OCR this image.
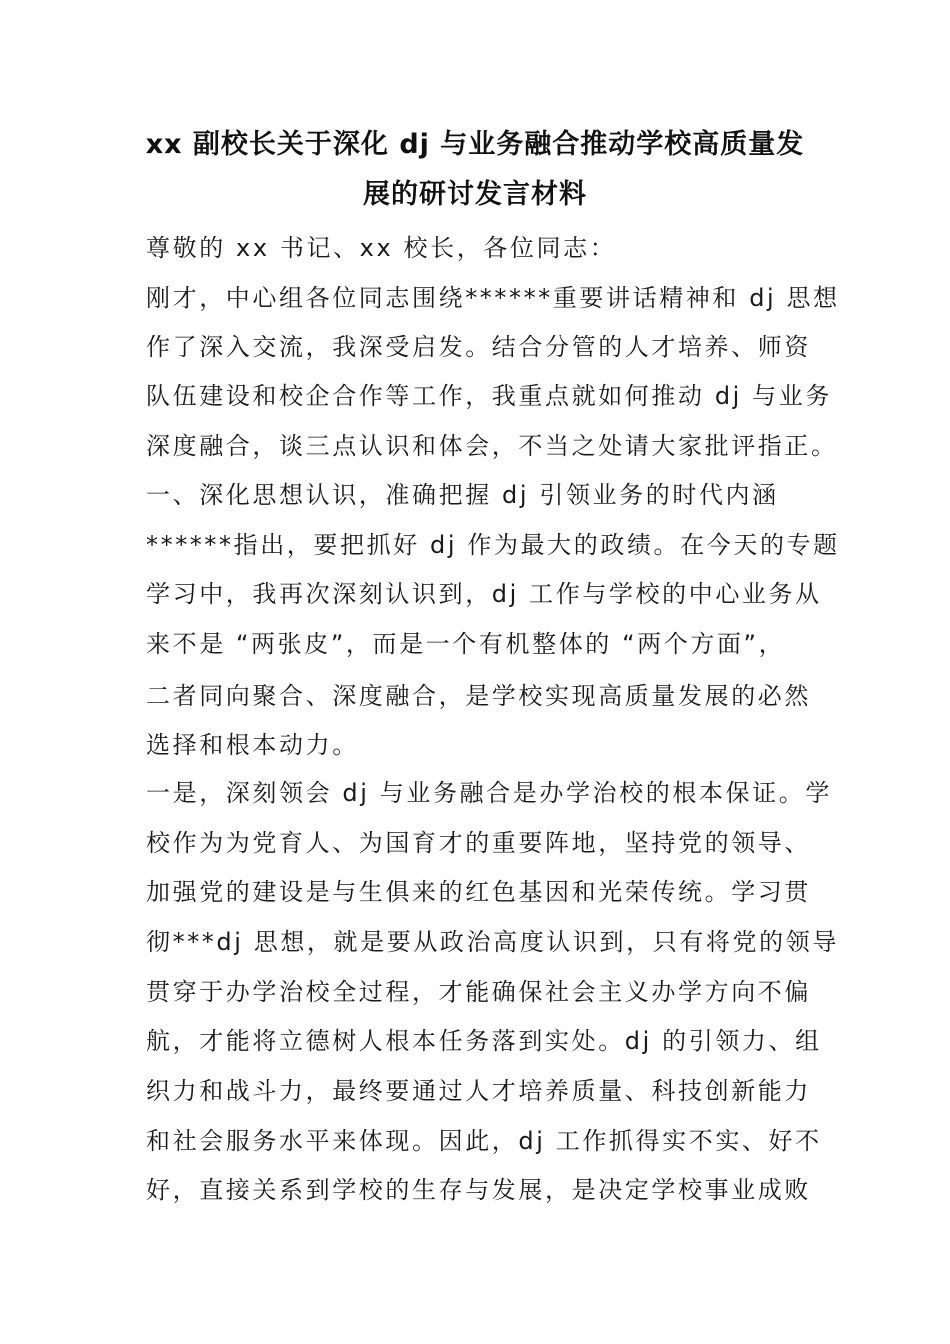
xx 副校长关于深化 dj 与业务融合推动学校高质量发
展的研讨发言材料
尊敬的 xx 书记、xx 校长，各位同志：
刚才，中心组各位同志围绕******重要讲话精神和 dj 思想
作了深入交流，我深受启发。结合分管的人才培养、师资
队伍建设和校企合作等工作，我重点就如何推动 dj 与业务
深度融合，谈三点认识和体会，不当之处请大家批评指正。
一、深化思想认识，准确把握 dj 引领业务的时代内涵
******指出，要把抓好 dj 作为最大的政绩。在今天的专题
学习中，我再次深刻认识到，dj 工作与学校的中心业务从
来不是 “两张皮”，而是一个有机整体的 “两个方面”，
二者同向聚合、深度融合，是学校实现高质量发展的必然
选择和根本动力。
一是，深刻领会 dj 与业务融合是办学治校的根本保证。学
校作为为党育人、为国育才的重要阵地，坚持党的领导、
加强党的建设是与生俱来的红色基因和光荣传统。学习贯
彻***dj 思想，就是要从政治高度认识到，只有将党的领导
贯穿于办学治校全过程，才能确保社会主义办学方向不偏
航，才能将立德树人根本任务落到实处。dj 的引领力、组
织力和战斗力，最终要通过人才培养质量、科技创新能力
和社会服务水平来体现。因此，dj 工作抓得实不实、好不
好，直接关系到学校的生存与发展，是决定学校事业成败
